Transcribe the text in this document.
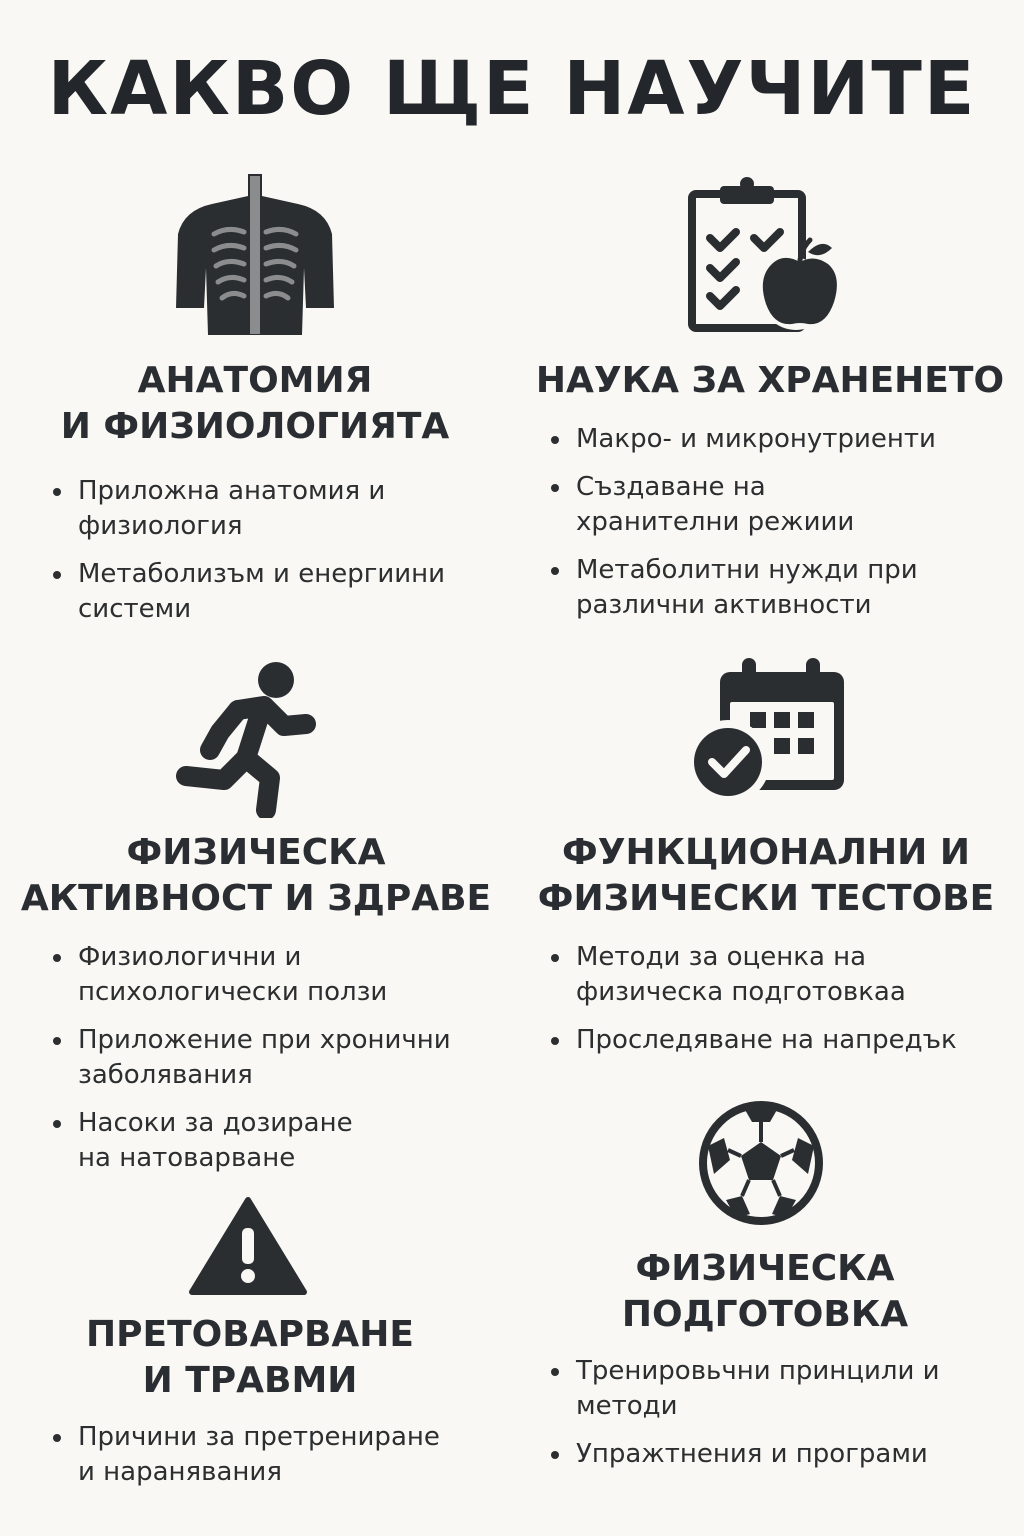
КАКВО ЩЕ НАУЧИТЕ
АНАТОМИЯ
И ФИЗИОЛОГИЯТА
Приложна анатомия и физиология
Метаболизъм и енергиини системи
НАУКА ЗА ХРАНЕНЕТО
Макро- и микронутриенти
Създаване на хранителни режиии
Метаболитни нужди при различни активности
ФИЗИЧЕСКА
АКТИВНОСТ И ЗДРАВЕ
Физиологични и психологически ползи
Приложение при хронични заболявания
Насоки за дозиране на натоварване
ФУНКЦИОНАЛНИ И
ФИЗИЧЕСКИ ТЕСТОВЕ
Методи за оценка на физическа подготовкаа
Проследяване на напредък
ПРЕТОВАРВАНЕ
И ТРАВМИ
Причини за претрениране и наранявания
ФИЗИЧЕСКА
ПОДГОТОВКА
Тренировьчни принцили и методи
Упражтнения и програми
